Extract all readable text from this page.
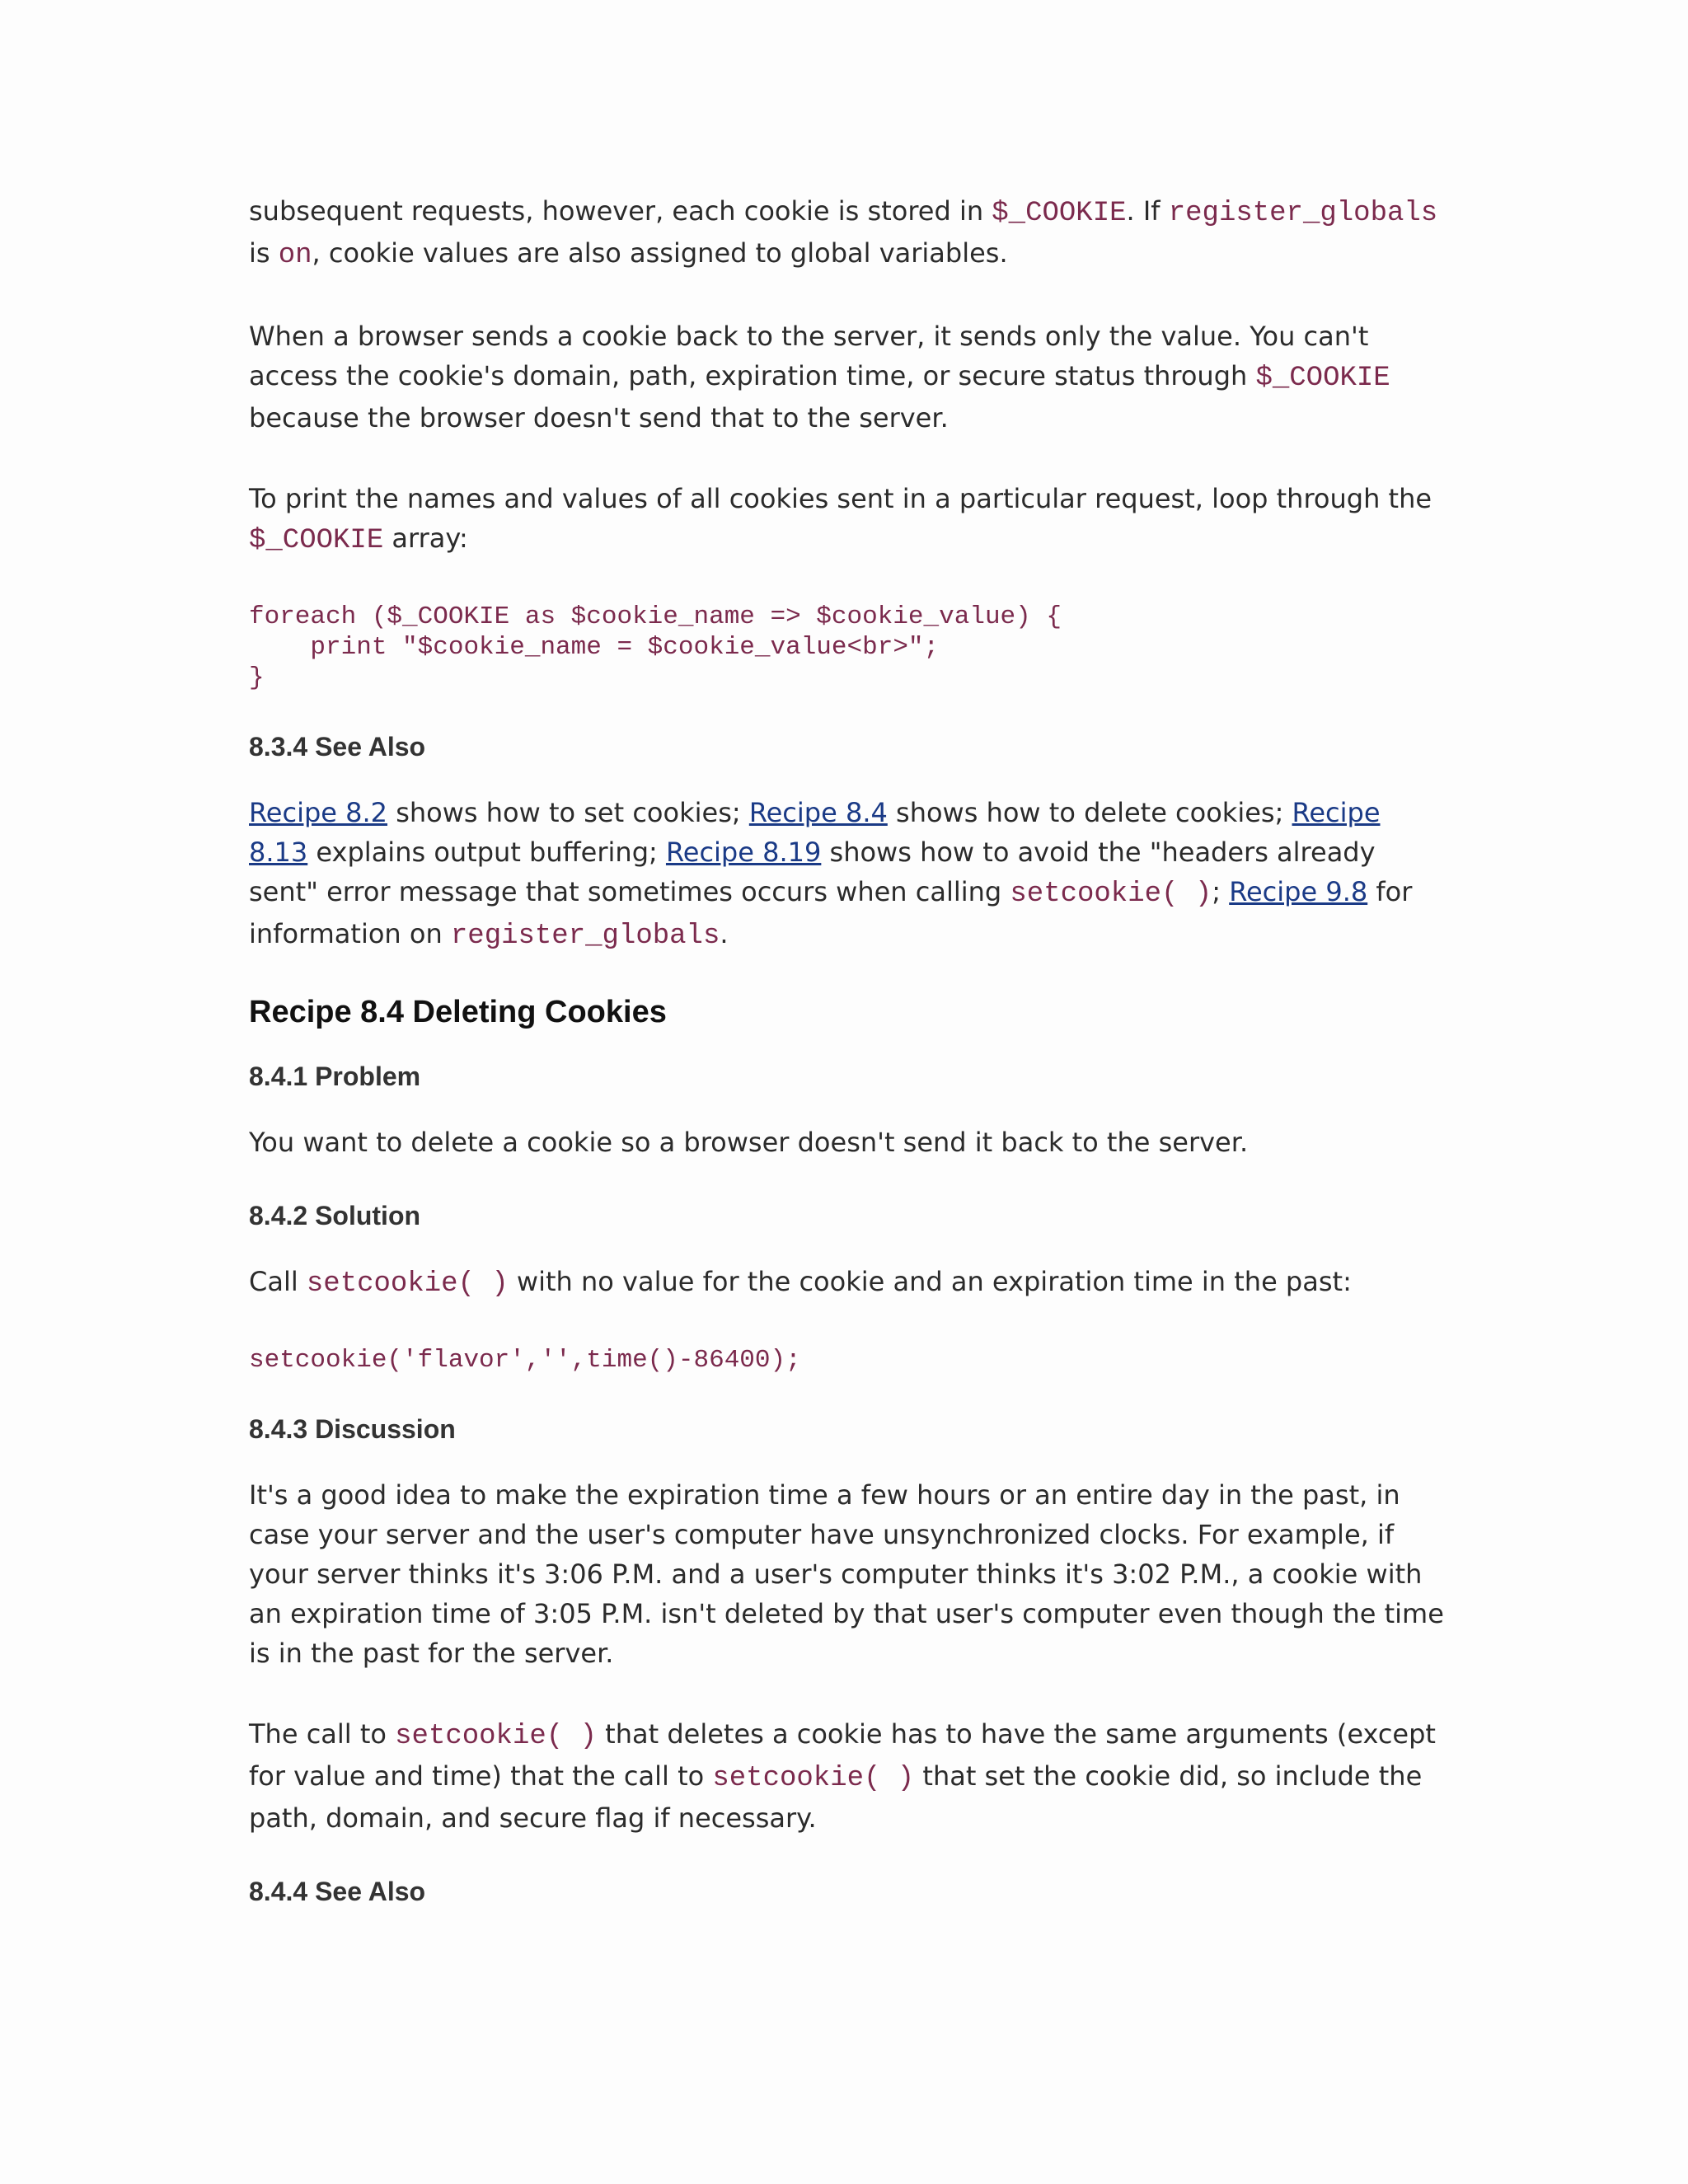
subsequent requests, however, each cookie is stored in $_COOKIE. If register_globals is on, cookie values are also assigned to global variables.

When a browser sends a cookie back to the server, it sends only the value. You can't access the cookie's domain, path, expiration time, or secure status through $_COOKIE because the browser doesn't send that to the server.

To print the names and values of all cookies sent in a particular request, loop through the $_COOKIE array:

foreach ($_COOKIE as $cookie_name => $cookie_value) {
print "$cookie_name = $cookie_value<br>";
}
8.3.4 See Also

Recipe 8.2 shows how to set cookies; Recipe 8.4 shows how to delete cookies; Recipe 8.13 explains output buffering; Recipe 8.19 shows how to avoid the "headers already sent" error message that sometimes occurs when calling setcookie( ); Recipe 9.8 for information on register_globals.

Recipe 8.4 Deleting Cookies
8.4.1 Problem

You want to delete a cookie so a browser doesn't send it back to the server.

8.4.2 Solution

Call setcookie( ) with no value for the cookie and an expiration time in the past:

setcookie('flavor','',time()-86400);
8.4.3 Discussion

It's a good idea to make the expiration time a few hours or an entire day in the past, in case your server and the user's computer have unsynchronized clocks. For example, if your server thinks it's 3:06 P.M. and a user's computer thinks it's 3:02 P.M., a cookie with an expiration time of 3:05 P.M. isn't deleted by that user's computer even though the time is in the past for the server.

The call to setcookie( ) that deletes a cookie has to have the same arguments (except for value and time) that the call to setcookie( ) that set the cookie did, so include the path, domain, and secure flag if necessary.

8.4.4 See Also
